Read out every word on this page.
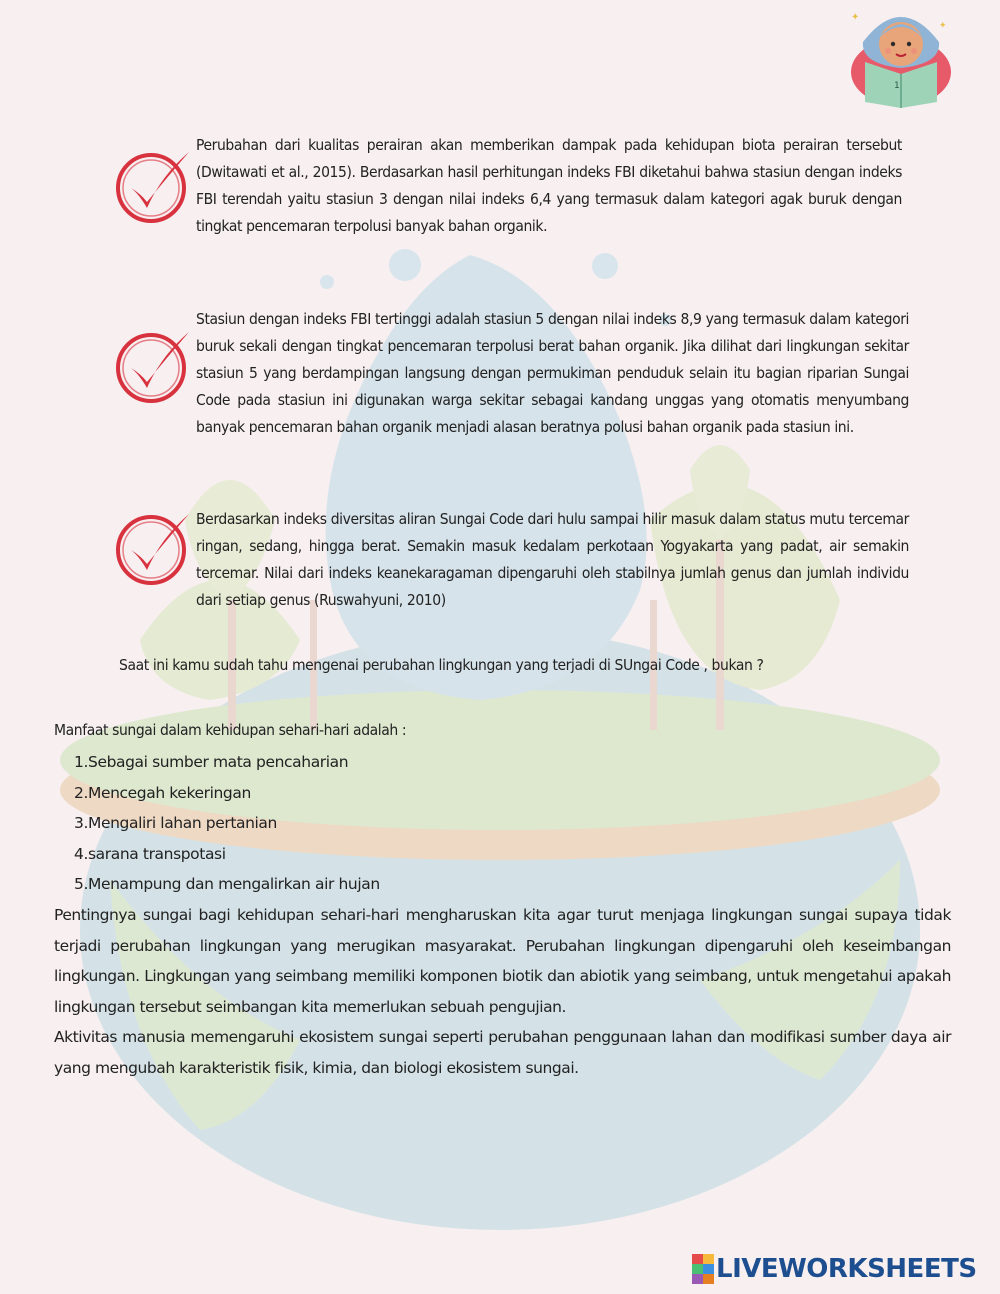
1
✦
✦
Perubahan dari kualitas perairan akan memberikan dampak pada kehidupan biota perairan tersebut (Dwitawati et al., 2015). Berdasarkan hasil perhitungan indeks FBI diketahui bahwa stasiun dengan indeks FBI terendah yaitu stasiun 3 dengan nilai indeks 6,4 yang termasuk dalam kategori agak buruk dengan tingkat pencemaran terpolusi banyak bahan organik.
Stasiun dengan indeks FBI tertinggi adalah stasiun 5 dengan nilai indeks 8,9 yang termasuk dalam kategori buruk sekali dengan tingkat pencemaran terpolusi berat bahan organik. Jika dilihat dari lingkungan sekitar stasiun 5 yang berdampingan langsung dengan permukiman penduduk selain itu bagian riparian Sungai Code pada stasiun ini digunakan warga sekitar sebagai kandang unggas yang otomatis menyumbang banyak pencemaran bahan organik menjadi alasan beratnya polusi bahan organik pada stasiun ini.
Berdasarkan indeks diversitas aliran Sungai Code dari hulu sampai hilir masuk dalam status mutu tercemar ringan, sedang, hingga berat. Semakin masuk kedalam perkotaan Yogyakarta yang padat, air semakin tercemar. Nilai dari indeks keanekaragaman dipengaruhi oleh stabilnya jumlah genus dan jumlah individu dari setiap genus (Ruswahyuni, 2010)
Saat ini kamu sudah tahu mengenai perubahan lingkungan yang terjadi di SUngai Code , bukan ?
Manfaat sungai dalam kehidupan sehari-hari adalah :
1.Sebagai sumber mata pencaharian
2.Mencegah kekeringan
3.Mengaliri lahan pertanian
4.sarana transpotasi
5.Menampung dan mengalirkan air hujan
Pentingnya sungai bagi kehidupan sehari-hari mengharuskan kita agar turut menjaga lingkungan sungai supaya tidak terjadi perubahan lingkungan yang merugikan masyarakat. Perubahan lingkungan dipengaruhi oleh keseimbangan lingkungan. Lingkungan yang seimbang memiliki komponen biotik dan abiotik yang seimbang, untuk mengetahui apakah lingkungan tersebut seimbangan kita memerlukan sebuah pengujian.
Aktivitas manusia memengaruhi ekosistem sungai seperti perubahan penggunaan lahan dan modifikasi sumber daya air yang mengubah karakteristik fisik, kimia, dan biologi ekosistem sungai.
LIVEWORKSHEETS
